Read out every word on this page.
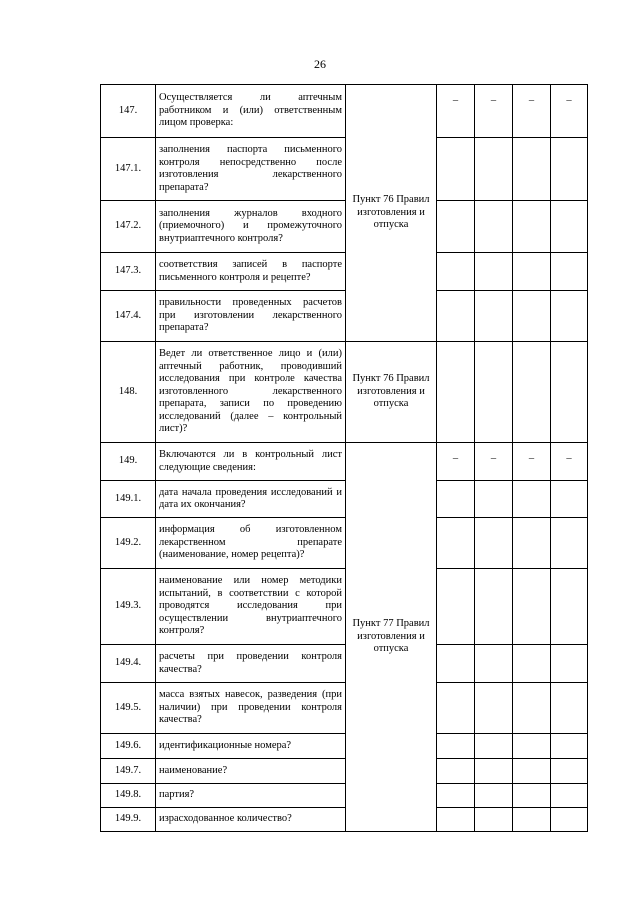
26
147.	Осуществляется ли аптечным работником и (или) ответственным лицом проверка:	Пункт 76 Правил изготовления и отпуска	–	–	–	–
147.1.	заполнения паспорта письменного контроля непосредственно после изготовления лекарственного препарата?					
147.2.	заполнения журналов входного (приемочного) и промежуточного внутриаптечного контроля?					
147.3.	соответствия записей в паспорте письменного контроля и рецепте?					
147.4.	правильности проведенных расчетов при изготовлении лекарственного препарата?					
148.	Ведет ли ответственное лицо и (или) аптечный работник, проводивший исследования при контроле качества изготовленного лекарственного препарата, записи по проведению исследований (далее – контрольный лист)?	Пункт 76 Правил изготовления и отпуска				
149.	Включаются ли в контрольный лист следующие сведения:	Пункт 77 Правил изготовления и отпуска	–	–	–	–
149.1.	дата начала проведения исследований и дата их окончания?					
149.2.	информация об изготовленном лекарственном препарате (наименование, номер рецепта)?					
149.3.	наименование или номер методики испытаний, в соответствии с которой проводятся исследования при осуществлении внутриаптечного контроля?					
149.4.	расчеты при проведении контроля качества?					
149.5.	масса взятых навесок, разведения (при наличии) при проведении контроля качества?					
149.6.	идентификационные номера?					
149.7.	наименование?					
149.8.	партия?					
149.9.	израсходованное количество?					
